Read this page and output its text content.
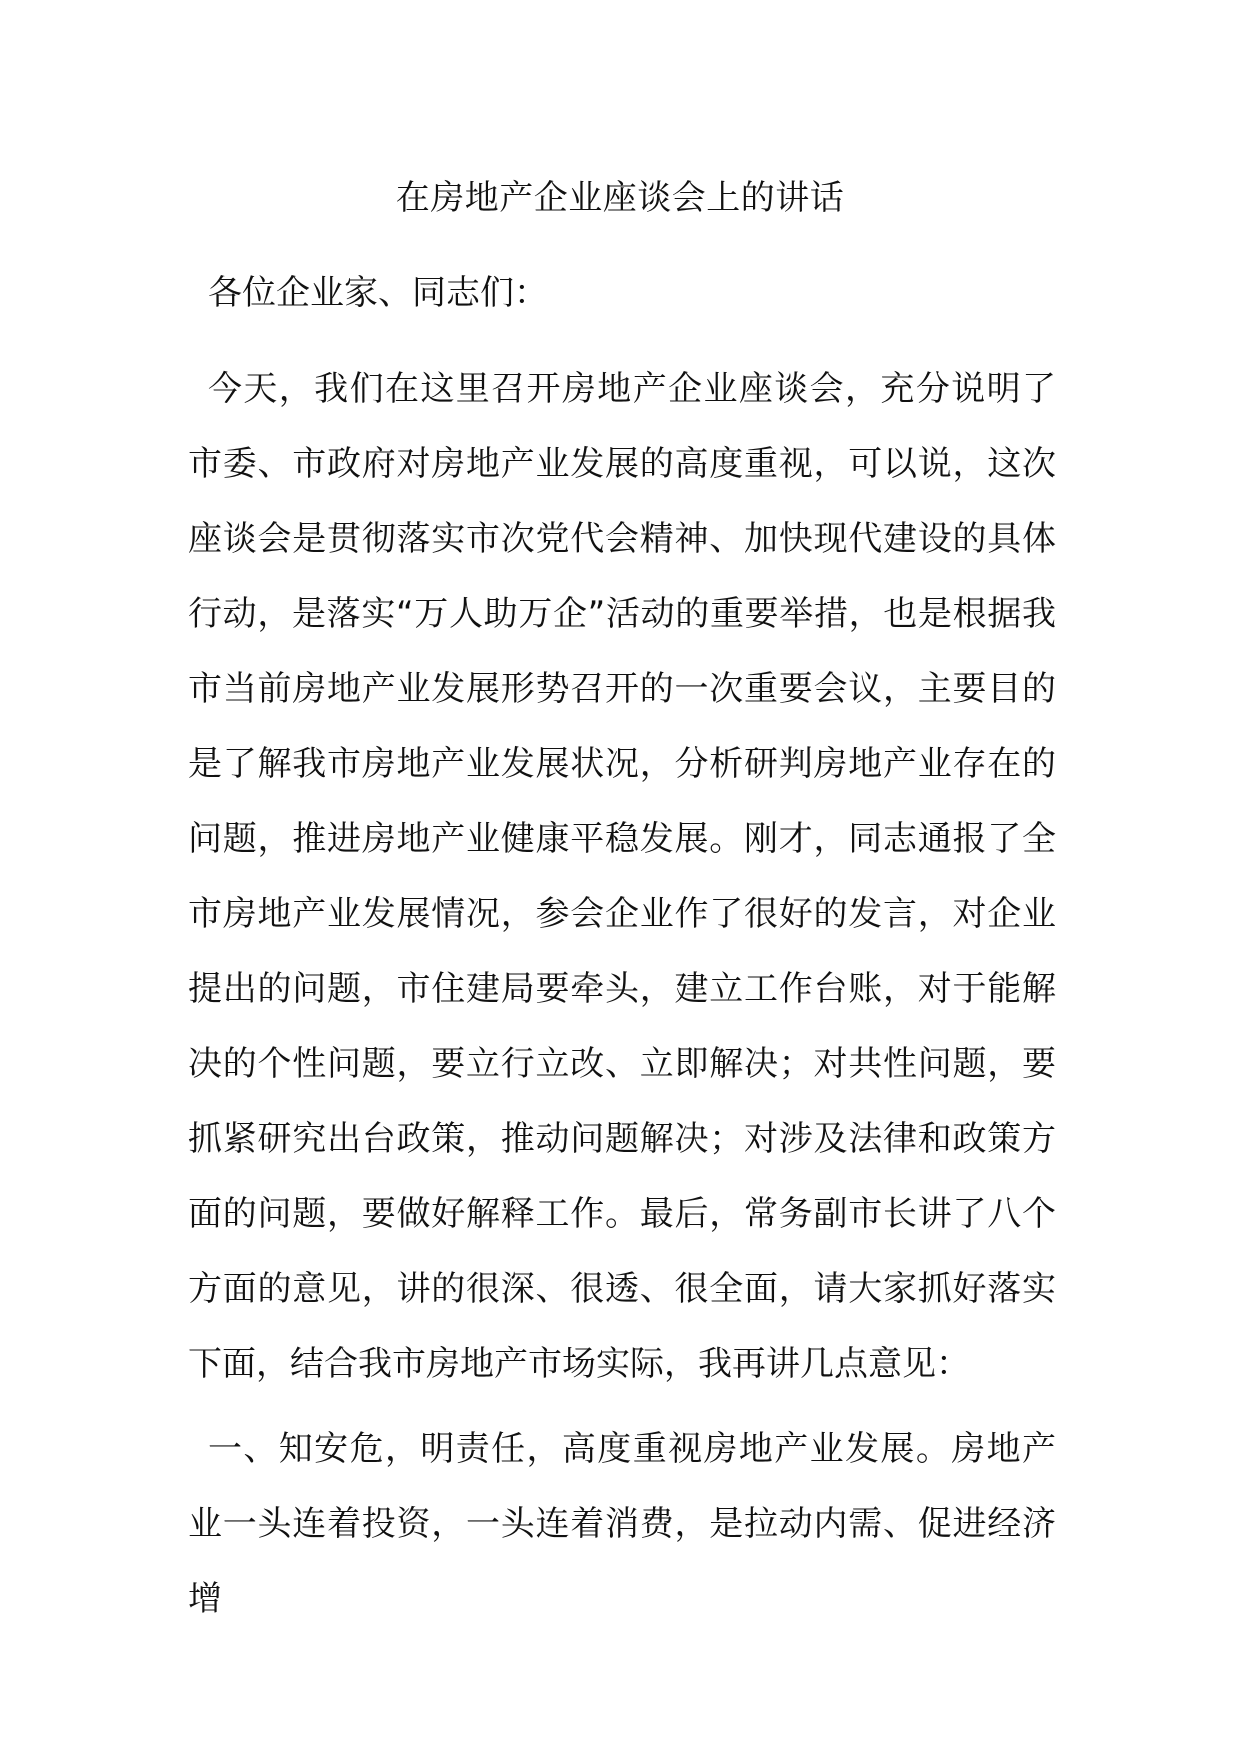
在房地产企业座谈会上的讲话

各位企业家、同志们：

今天，我们在这里召开房地产企业座谈会，充分说明了市委、市政府对房地产业发展的高度重视，可以说，这次座谈会是贯彻落实市次党代会精神、加快现代建设的具体行动，是落实“万人助万企”活动的重要举措，也是根据我市当前房地产业发展形势召开的一次重要会议，主要目的是了解我市房地产业发展状况，分析研判房地产业存在的问题，推进房地产业健康平稳发展。刚才，同志通报了全市房地产业发展情况，参会企业作了很好的发言，对企业提出的问题，市住建局要牵头，建立工作台账，对于能解决的个性问题，要立行立改、立即解决；对共性问题，要抓紧研究出台政策，推动问题解决；对涉及法律和政策方面的问题，要做好解释工作。最后，常务副市长讲了八个方面的意见，讲的很深、很透、很全面，请大家抓好落实下面，结合我市房地产市场实际，我再讲几点意见：

一、知安危，明责任，高度重视房地产业发展。房地产业一头连着投资，一头连着消费，是拉动内需、促进经济增
